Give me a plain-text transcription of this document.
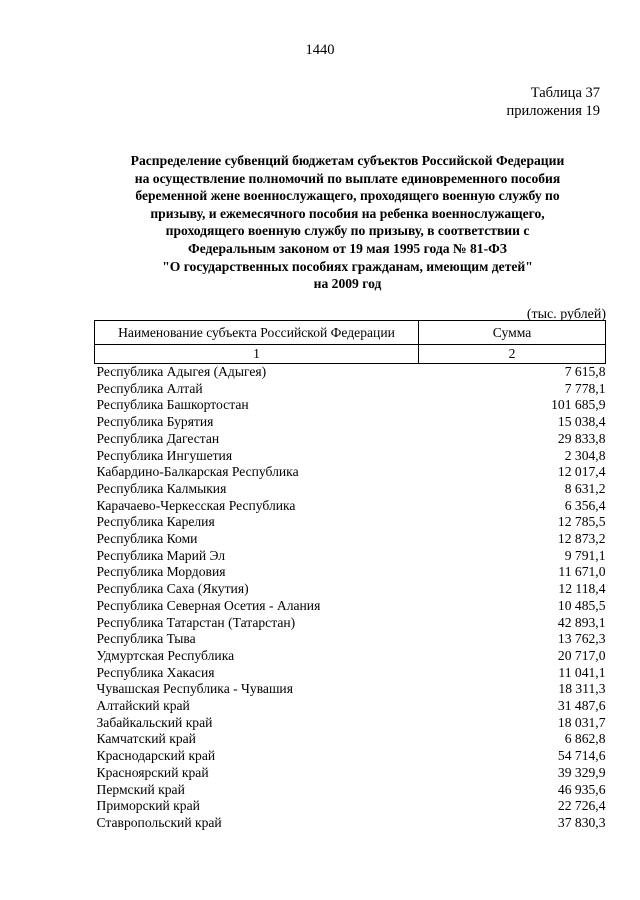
1440
Таблица 37
приложения 19
Распределение субвенций бюджетам субъектов Российской Федерации
на осуществление полномочий по выплате единовременного пособия
беременной жене военнослужащего, проходящего военную службу по
призыву, и ежемесячного пособия на ребенка военнослужащего,
проходящего военную службу по призыву, в соответствии с
Федеральным законом от 19 мая 1995 года № 81-ФЗ
"О государственных пособиях гражданам, имеющим детей"
на 2009 год
(тыс. рублей)
Наименование субъекта Российской Федерации	Сумма
1	2
Республика Адыгея (Адыгея)	7 615,8
Республика Алтай	7 778,1
Республика Башкортостан	101 685,9
Республика Бурятия	15 038,4
Республика Дагестан	29 833,8
Республика Ингушетия	2 304,8
Кабардино-Балкарская Республика	12 017,4
Республика Калмыкия	8 631,2
Карачаево-Черкесская Республика	6 356,4
Республика Карелия	12 785,5
Республика Коми	12 873,2
Республика Марий Эл	9 791,1
Республика Мордовия	11 671,0
Республика Саха (Якутия)	12 118,4
Республика Северная Осетия - Алания	10 485,5
Республика Татарстан (Татарстан)	42 893,1
Республика Тыва	13 762,3
Удмуртская Республика	20 717,0
Республика Хакасия	11 041,1
Чувашская Республика - Чувашия	18 311,3
Алтайский край	31 487,6
Забайкальский край	18 031,7
Камчатский край	6 862,8
Краснодарский край	54 714,6
Красноярский край	39 329,9
Пермский край	46 935,6
Приморский край	22 726,4
Ставропольский край	37 830,3
